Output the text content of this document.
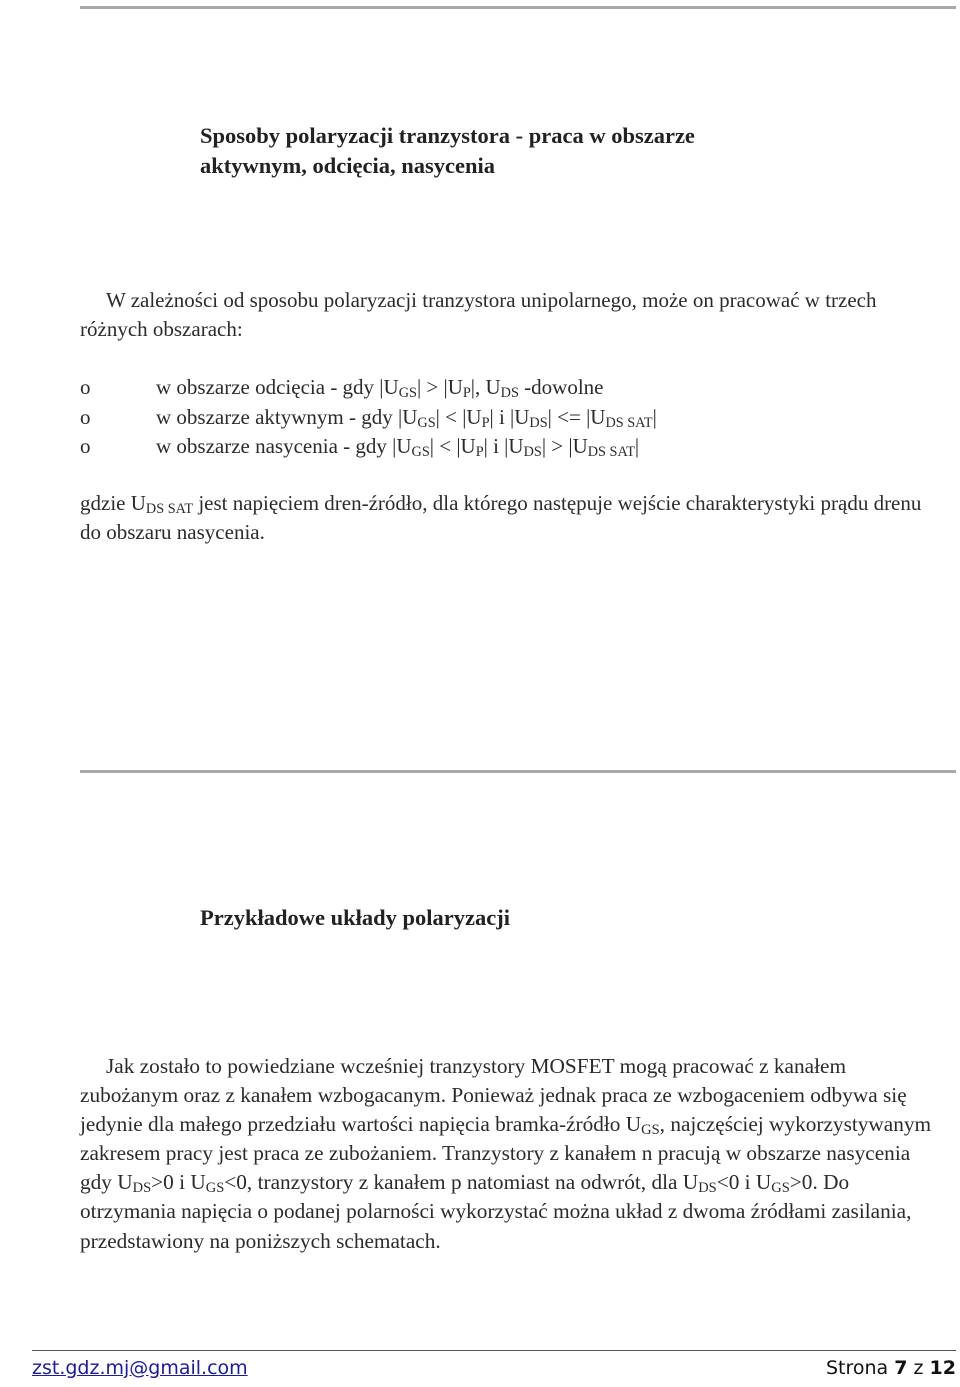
Sposoby polaryzacji tranzystora - praca w obszarze aktywnym, odcięcia, nasycenia

W zależności od sposobu polaryzacji tranzystora unipolarnego, może on pracować w trzech różnych obszarach:

o	w obszarze odcięcia - gdy $|U_{GS}| > |U_P|$, $U_{DS}$ -dowolne
o	w obszarze aktywnym - gdy $|U_{GS}| < |U_P|$ i $|U_{DS}| <= |U_{DS SAT}|$
o	w obszarze nasycenia - gdy $|U_{GS}| < |U_P|$ i $|U_{DS}| > |U_{DS SAT}|$

gdzie $U_{DS SAT}$ jest napięciem dren-źródło, dla którego następuje wejście charakterystyki prądu drenu do obszaru nasycenia.

Przykładowe układy polaryzacji

Jak zostało to powiedziane wcześniej tranzystory MOSFET mogą pracować z kanałem zubożanym oraz z kanałem wzbogacanym. Ponieważ jednak praca ze wzbogaceniem odbywa się jedynie dla małego przedziału wartości napięcia bramka-źródło $U_{GS}$, najczęściej wykorzystywanym zakresem pracy jest praca ze zubożaniem. Tranzystory z kanałem n pracują w obszarze nasycenia gdy $U_{DS}>0$ i $U_{GS}<0$, tranzystory z kanałem p natomiast na odwrót, dla $U_{DS}<0$ i $U_{GS}>0$. Do otrzymania napięcia o podanej polarności wykorzystać można układ z dwoma źródłami zasilania, przedstawiony na poniższych schematach.

zst.gdz.mj@gmail.com	Strona 7 z 12
